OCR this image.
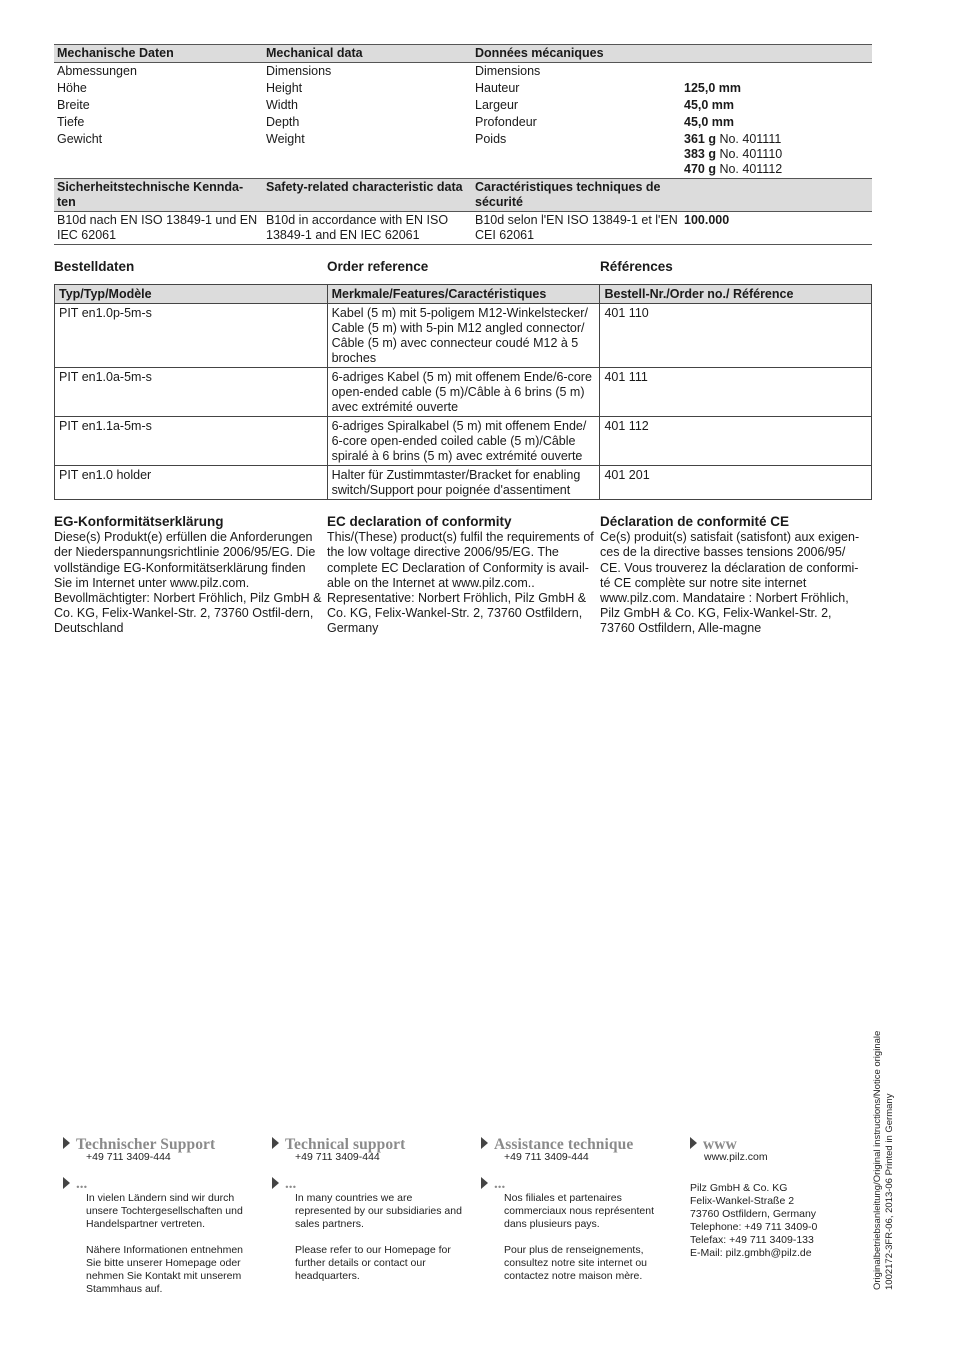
Mechanische Daten	Mechanical data	Données mécaniques	
Abmessungen	Dimensions	Dimensions	
Höhe	Height	Hauteur	125,0 mm
Breite	Width	Largeur	45,0 mm
Tiefe	Depth	Profondeur	45,0 mm
Gewicht	Weight	Poids	361 g No. 401111
383 g No. 401110
470 g No. 401112

Sicherheitstechnische Kennda-ten	Safety-related characteristic data	Caractéristiques techniques de sécurité	
B10d nach EN ISO 13849-1 und EN IEC 62061	B10d in accordance with EN ISO 13849-1 and EN IEC 62061	B10d selon l'EN ISO 13849-1 et l'EN CEI 62061	100.000
Bestelldaten	Order reference	Références
Typ/Typ/Modèle	Merkmale/Features/Caractéristiques	Bestell-Nr./Order no./ Référence
PIT en1.0p-5m-s	Kabel (5 m) mit 5-poligem M12-Winkelstecker/ Cable (5 m) with 5-pin M12 angled connector/ Câble (5 m) avec connecteur coudé M12 à 5 broches	401 110
PIT en1.0a-5m-s	6-adriges Kabel (5 m) mit offenem Ende/6-core open-ended cable (5 m)/Câble à 6 brins (5 m) avec extrémité ouverte	401 111
PIT en1.1a-5m-s	6-adriges Spiralkabel (5 m) mit offenem Ende/ 6-core open-ended coiled cable (5 m)/Câble spiralé à 6 brins (5 m) avec extrémité ouverte	401 112
PIT en1.0 holder	Halter für Zustimmtaster/Bracket for enabling switch/Support pour poignée d'assentiment	401 201
EG-Konformitätserklärung

Diese(s) Produkt(e) erfüllen die Anforderungen der Niederspannungsrichtlinie 2006/95/EG. Die vollständige EG-Konformitätserklärung finden Sie im Internet unter www.pilz.com. Bevollmächtigter: Norbert Fröhlich, Pilz GmbH & Co. KG, Felix-Wankel-Str. 2, 73760 Ostfil-dern, Deutschland

EC declaration of conformity

This/(These) product(s) fulfil the requirements of the low voltage directive 2006/95/EG. The complete EC Declaration of Conformity is avail-able on the Internet at www.pilz.com.. Representative: Norbert Fröhlich, Pilz GmbH & Co. KG, Felix-Wankel-Str. 2, 73760 Ostfildern, Germany

Déclaration de conformité CE

Ce(s) produit(s) satisfait (satisfont) aux exigen-ces de la directive basses tensions 2006/95/ CE. Vous trouverez la déclaration de conformi-té CE complète sur notre site internet www.pilz.com. Mandataire : Norbert Fröhlich, Pilz GmbH & Co. KG, Felix-Wankel-Str. 2, 73760 Ostfildern, Alle-magne

Technischer Support
+49 711 3409-444
...
In vielen Ländern sind wir durch unsere Tochtergesellschaften und Handelspartner vertreten.
Nähere Informationen entnehmen Sie bitte unserer Homepage oder nehmen Sie Kontakt mit unserem Stammhaus auf.
Technical support
+49 711 3409-444
...
In many countries we are represented by our subsidiaries and sales partners.
Please refer to our Homepage for further details or contact our headquarters.
Assistance technique
+49 711 3409-444
...
Nos filiales et partenaires commerciaux nous représentent dans plusieurs pays.
Pour plus de renseignements, consultez notre site internet ou contactez notre maison mère.
www
www.pilz.com
Pilz GmbH & Co. KG
Felix-Wankel-Straße 2
73760 Ostfildern, Germany
Telephone: +49 711 3409-0
Telefax: +49 711 3409-133
E-Mail: pilz.gmbh@pilz.de	Originalbetriebsanleitung/Original instructions/Notice originale 1002172-3FR-06, 2013-06 Printed in Germany
